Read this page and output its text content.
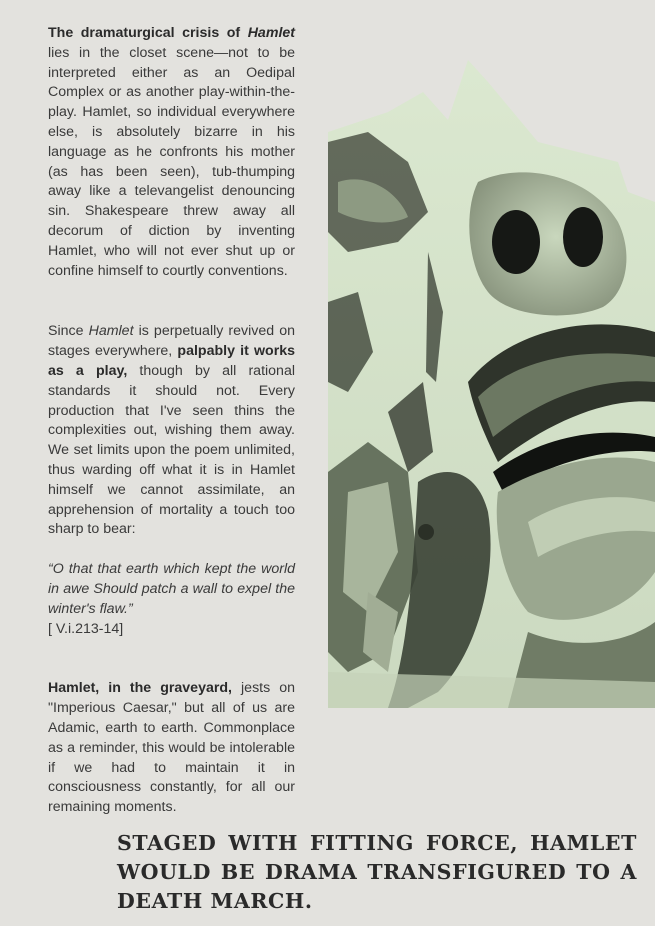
The dramaturgical crisis of Hamlet lies in the closet scene—not to be interpreted either as an Oedipal Complex or as another play-within-the-play. Hamlet, so individual everywhere else, is absolutely bizarre in his language as he confronts his mother (as has been seen), tub-thumping away like a televangelist denouncing sin. Shakespeare threw away all decorum of diction by inventing Hamlet, who will not ever shut up or confine himself to courtly conventions.

Since Hamlet is perpetually revived on stages everywhere, palpably it works as a play, though by all rational standards it should not. Every production that I've seen thins the complexities out, wishing them away. We set limits upon the poem unlimited, thus warding off what it is in Hamlet himself we cannot assimilate, an apprehension of mortality a touch too sharp to bear:

“O that that earth which kept the world in awe Should patch a wall to expel the winter's flaw.”

[ V.i.213-14]

Hamlet, in the graveyard, jests on "Imperious Caesar," but all of us are Adamic, earth to earth. Commonplace as a reminder, this would be intolerable if we had to maintain it in consciousness constantly, for all our remaining moments.

STAGED WITH FITTING FORCE, HAMLET WOULD BE DRAMA TRANSFIGURED TO A DEATH MARCH.
